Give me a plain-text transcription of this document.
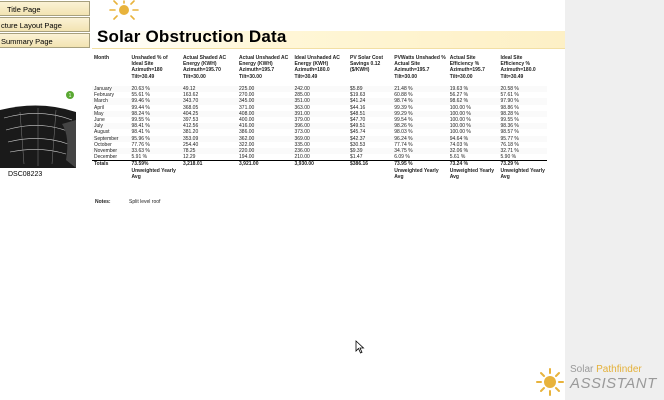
Title Page
cture Layout Page
Summary Page
1
DSC08223
Solar Obstruction Data
Month	Unshaded % of Ideal Site Azimuth=180 Tilt=30.49	Actual Shaded AC Energy (KWH) Azimuth=195.70 Tilt=30.00	Actual Unshaded AC Energy (KWH) Azimuth=195.7 Tilt=30.00	Ideal Unshaded AC Energy (KWH) Azimuth=180.0 Tilt=30.49	PV Solar Cost Savings 0.12 ($/KWH)	PVWatts Unshaded % Actual Site Azimuth=195.7 Tilt=30.00	Actual Site Efficiency % Azimuth=195.7 Tilt=30.00	Ideal Site Efficiency % Azimuth=180.0 Tilt=30.49
January	20.63 %	49.12	225.00	242.00	$5.89	21.48 %	19.63 %	20.58 %
February	55.61 %	163.62	270.00	285.00	$19.63	60.88 %	56.27 %	57.61 %
March	99.46 %	343.70	345.00	351.00	$41.24	98.74 %	98.62 %	97.90 %
April	99.44 %	368.05	371.00	363.00	$44.16	99.39 %	100.00 %	98.86 %
May	98.24 %	404.25	408.00	391.00	$48.51	99.29 %	100.00 %	98.28 %
June	99.55 %	397.53	400.00	379.00	$47.70	99.54 %	100.00 %	99.55 %
July	98.41 %	412.56	416.00	396.00	$49.51	98.26 %	100.00 %	98.36 %
August	98.41 %	381.20	386.00	373.00	$45.74	98.03 %	100.00 %	98.57 %
September	95.96 %	353.09	362.00	369.00	$42.37	96.24 %	94.64 %	95.77 %
October	77.76 %	254.40	322.00	335.00	$30.53	77.74 %	74.03 %	76.18 %
November	33.63 %	78.25	220.00	236.00	$9.39	34.75 %	32.06 %	32.71 %
December	5.91 %	12.29	194.00	210.00	$1.47	6.09 %	5.61 %	5.90 %
Totals	73.59%	3,218.01	3,921.00	3,930.00	$386.16	73.95 %	73.24 %	73.29 %
	Unweighted Yearly Avg					Unweighted Yearly Avg	Unweighted Yearly Avg	Unweighted Yearly Avg
Notes:	Split level roof
Solar Pathfinder
ASSISTANT
